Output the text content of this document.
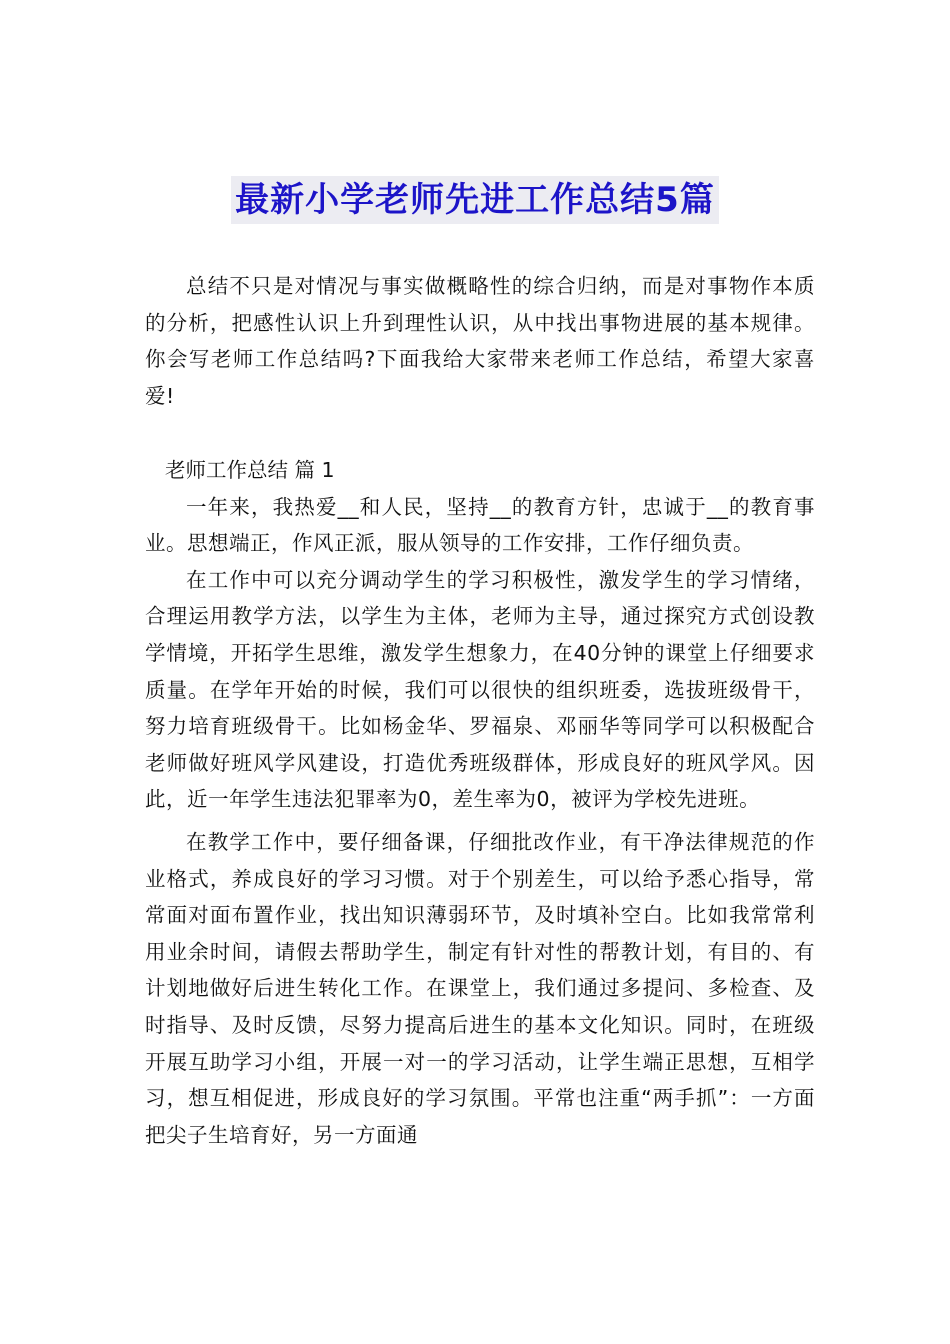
最新小学老师先进工作总结5篇

总结不只是对情况与事实做概略性的综合归纳，而是对事物作本质的分析，把感性认识上升到理性认识，从中找出事物进展的基本规律。你会写老师工作总结吗?下面我给大家带来老师工作总结，希望大家喜爱!

老师工作总结 篇 1

一年来，我热爱__和人民，坚持__的教育方针，忠诚于__的教育事业。思想端正，作风正派，服从领导的工作安排，工作仔细负责。

在工作中可以充分调动学生的学习积极性，激发学生的学习情绪，合理运用教学方法，以学生为主体，老师为主导，通过探究方式创设教学情境，开拓学生思维，激发学生想象力，在40分钟的课堂上仔细要求质量。在学年开始的时候，我们可以很快的组织班委，选拔班级骨干，努力培育班级骨干。比如杨金华、罗福泉、邓丽华等同学可以积极配合老师做好班风学风建设，打造优秀班级群体，形成良好的班风学风。因此，近一年学生违法犯罪率为0，差生率为0，被评为学校先进班。

在教学工作中，要仔细备课，仔细批改作业，有干净法律规范的作业格式，养成良好的学习习惯。对于个别差生，可以给予悉心指导，常常面对面布置作业，找出知识薄弱环节，及时填补空白。比如我常常利用业余时间，请假去帮助学生，制定有针对性的帮教计划，有目的、有计划地做好后进生转化工作。在课堂上，我们通过多提问、多检查、及时指导、及时反馈，尽努力提高后进生的基本文化知识。同时，在班级开展互助学习小组，开展一对一的学习活动，让学生端正思想，互相学习，想互相促进，形成良好的学习氛围。平常也注重“两手抓”：一方面把尖子生培育好，另一方面通
